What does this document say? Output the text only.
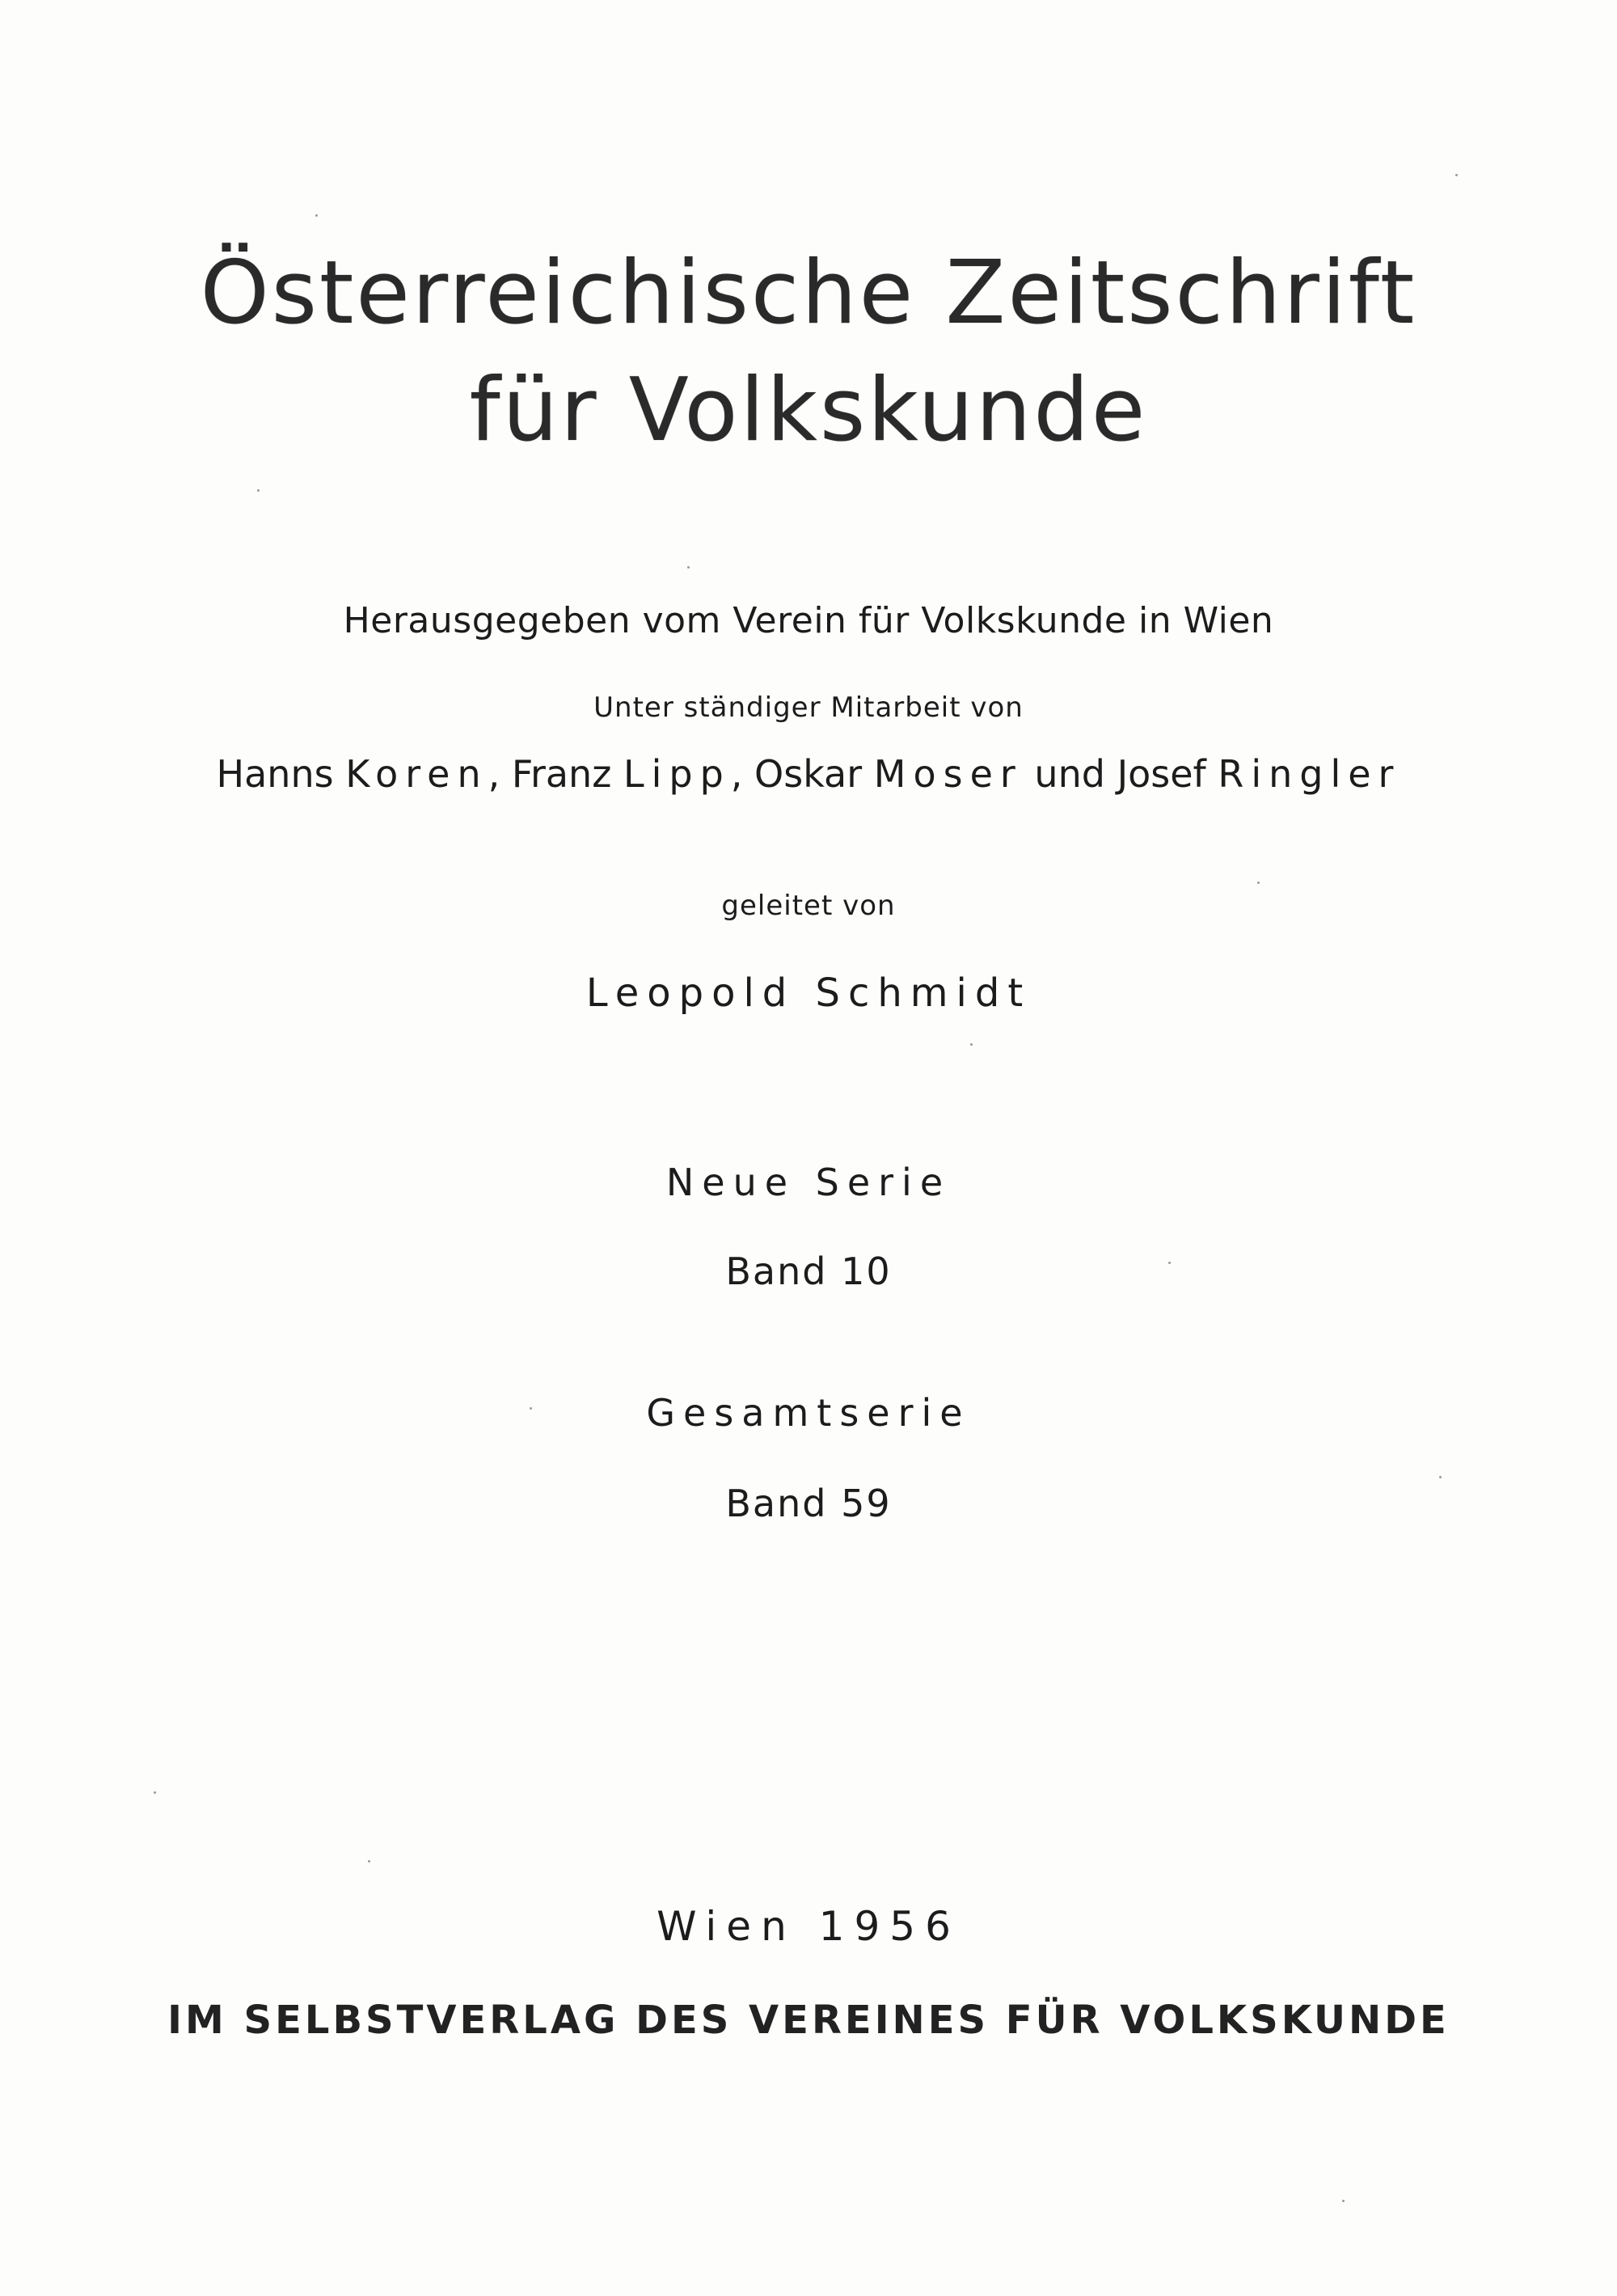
Österreichische Zeitschrift
für Volkskunde
Herausgegeben vom Verein für Volkskunde in Wien
Unter ständiger Mitarbeit von
Hanns Koren, Franz Lipp, Oskar Moser und Josef Ringler
geleitet von
Leopold Schmidt
Neue Serie
Band 10
Gesamtserie
Band 59
Wien 1956
IM SELBSTVERLAG DES VEREINES FÜR VOLKSKUNDE
